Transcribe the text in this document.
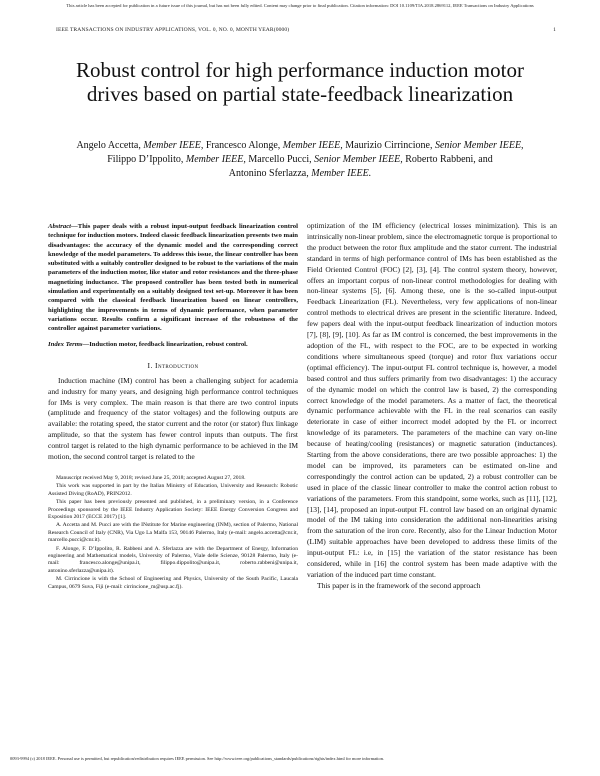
This article has been accepted for publication in a future issue of this journal, but has not been fully edited. Content may change prior to final publication. Citation information: DOI 10.1109/TIA.2018.2869112, IEEE Transactions on Industry Applications
IEEE TRANSACTIONS ON INDUSTRY APPLICATIONS, VOL. 0, NO. 0, MONTH YEAR(0000)	1
Robust control for high performance induction motor drives based on partial state-feedback linearization
Angelo Accetta, Member IEEE, Francesco Alonge, Member IEEE, Maurizio Cirrincione, Senior Member IEEE,
Filippo D’Ippolito, Member IEEE, Marcello Pucci, Senior Member IEEE, Roberto Rabbeni, and
Antonino Sferlazza, Member IEEE.
Abstract—This paper deals with a robust input-output feedback linearization control technique for induction motors. Indeed classic feedback linearization presents two main disadvantages: the accuracy of the dynamic model and the corresponding correct knowledge of the model parameters. To address this issue, the linear controller has been substituted with a suitably controller designed to be robust to the variations of the main parameters of the induction motor, like stator and rotor resistances and the three-phase magnetizing inductance. The proposed controller has been tested both in numerical simulation and experimentally on a suitably designed test set-up. Moreover it has been compared with the classical feedback linearization based on linear controllers, highlighting the improvements in terms of dynamic performance, when parameter variations occur. Results confirm a significant increase of the robustness of the controller against parameter variations.
Index Terms—Induction motor, feedback linearization, robust control.
I. Introduction

Induction machine (IM) control has been a challenging subject for academia and industry for many years, and designing high performance control techniques for IMs is very complex. The main reason is that there are two control inputs (amplitude and frequency of the stator voltages) and the following outputs are available: the rotating speed, the stator current and the rotor (or stator) flux linkage amplitude, so that the system has fewer control inputs than outputs. The first control target is related to the high dynamic performance to be achieved in the IM motion, the second control target is related to the

Manuscript received May 9, 2018; revised June 25, 2018; accepted August 27, 2018.

This work was supported in part by the Italian Ministry of Education, University and Research: Robotic Assisted Diving (RoAD), PRIN2012.

This paper has been previously presented and published, in a preliminary version, in a Conference Proceedings sponsored by the IEEE Industry Application Society: IEEE Energy Conversion Congress and Exposition 2017 (ECCE 2017) [1].

A. Accetta and M. Pucci are with the INstitute for Marine engineering (INM), section of Palermo, National Research Council of Italy (CNR), Via Ugo La Malfa 153, 90146 Palermo, Italy (e-mail: angelo.accetta@cnr.it, marcello.pucci@cnr.it).

F. Alonge, F. D’Ippolito, R. Rabbeni and A. Sferlazza are with the Department of Energy, Information engineering and Mathematical models, University of Palermo, Viale delle Scienze, 90128 Palermo, Italy (e-mail: francesco.alonge@unipa.it, filippo.dippolito@unipa.it, roberto.rabbeni@unipa.it, antonino.sferlazza@unipa.it).

M. Cirrincione is with the School of Engineering and Physics, University of the South Pacific, Laucala Campus, 0679 Suva, Fiji (e-mail: cirrincione_m@usp.ac.fj).

optimization of the IM efficiency (electrical losses minimization). This is an intrinsically non-linear problem, since the electromagnetic torque is proportional to the product between the rotor flux amplitude and the stator current. The industrial standard in terms of high performance control of IMs has been established as the Field Oriented Control (FOC) [2], [3], [4]. The control system theory, however, offers an important corpus of non-linear control methodologies for dealing with non-linear systems [5], [6]. Among these, one is the so-called input-output Feedback Linearization (FL). Nevertheless, very few applications of non-linear control methods to electrical drives are present in the scientific literature. Indeed, few papers deal with the input-output feedback linearization of induction motors [7], [8], [9], [10]. As far as IM control is concerned, the best improvements in the adoption of the FL, with respect to the FOC, are to be expected in working conditions where simultaneous speed (torque) and rotor flux variations occur (optimal efficiency). The input-output FL control technique is, however, a model based control and thus suffers primarily from two disadvantages: 1) the accuracy of the dynamic model on which the control law is based, 2) the corresponding correct knowledge of the model parameters. As a matter of fact, the theoretical dynamic performance achievable with the FL in the real scenarios can easily deteriorate in case of either incorrect model adopted by the FL or incorrect knowledge of its parameters. The parameters of the machine can vary on-line because of heating/cooling (resistances) or magnetic saturation (inductances). Starting from the above considerations, there are two possible approaches: 1) the model can be improved, its parameters can be estimated on-line and correspondingly the control action can be updated, 2) a robust controller can be used in place of the classic linear controller to make the control action robust to variations of the parameters. From this standpoint, some works, such as [11], [12], [13], [14], proposed an input-output FL control law based on an original dynamic model of the IM taking into consideration the additional non-linearities arising from the saturation of the iron core. Recently, also for the Linear Induction Motor (LIM) suitable approaches have been developed to address these limits of the input-output FL: i.e, in [15] the variation of the stator resistance has been considered, while in [16] the control system has been made adaptive with the variation of the induced part time constant.

This paper is in the framework of the second approach

0093-9994 (c) 2018 IEEE. Personal use is permitted, but republication/redistribution requires IEEE permission. See http://www.ieee.org/publications_standards/publications/rights/index.html for more information.
